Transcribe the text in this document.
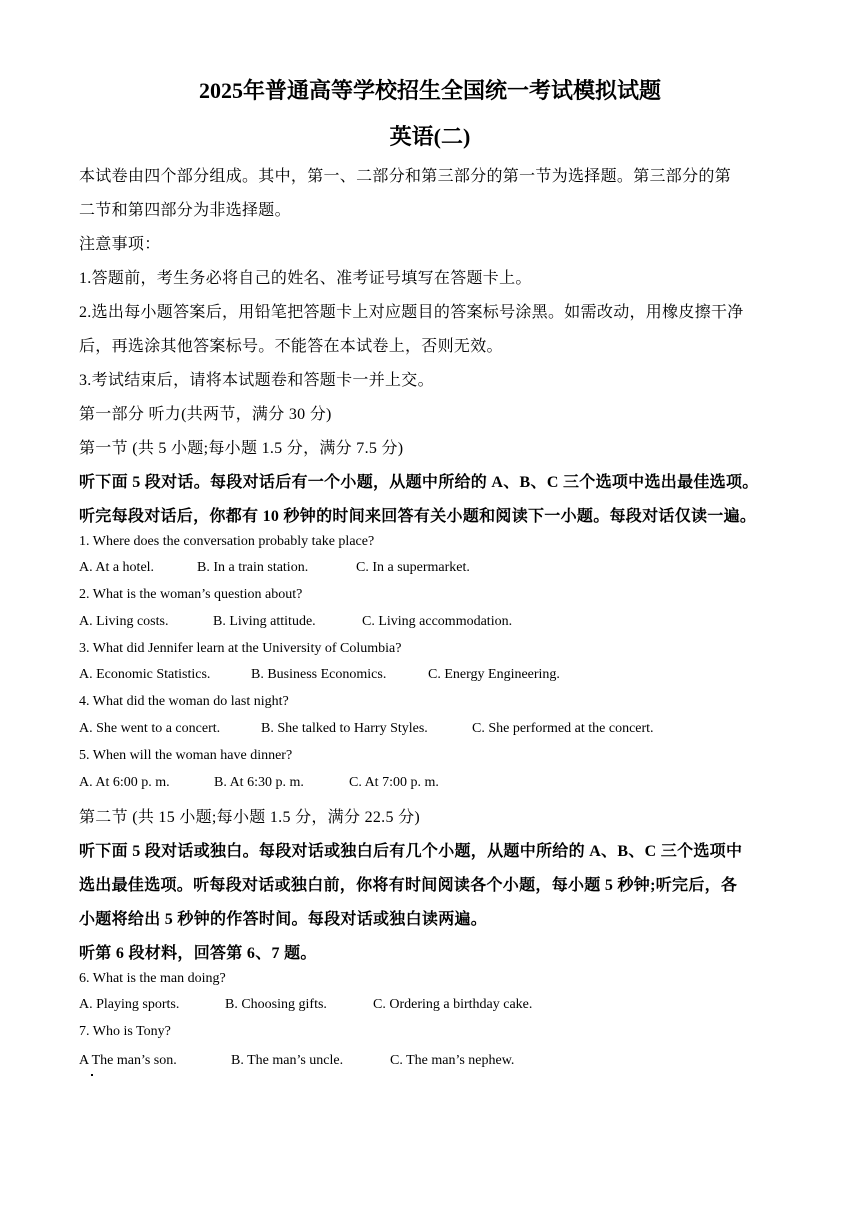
2025年普通高等学校招生全国统一考试模拟试题
英语(二)
本试卷由四个部分组成。其中，第一、二部分和第三部分的第一节为选择题。第三部分的第
二节和第四部分为非选择题。
注意事项：
1.答题前，考生务必将自己的姓名、准考证号填写在答题卡上。
2.选出每小题答案后，用铅笔把答题卡上对应题目的答案标号涂黑。如需改动，用橡皮擦干净
后，再选涂其他答案标号。不能答在本试卷上，否则无效。
3.考试结束后，请将本试题卷和答题卡一并上交。
第一部分 听力(共两节，满分 30 分)
第一节 (共 5 小题;每小题 1.5 分，满分 7.5 分)
听下面 5 段对话。每段对话后有一个小题，从题中所给的 A、B、C 三个选项中选出最佳选项。
听完每段对话后，你都有 10 秒钟的时间来回答有关小题和阅读下一小题。每段对话仅读一遍。
1. Where does the conversation probably take place?
A. At a hotel.	B. In a train station.	C. In a supermarket.
2. What is the woman’s question about?
A. Living costs.	B. Living attitude.	C. Living accommodation.
3. What did Jennifer learn at the University of Columbia?
A. Economic Statistics.	B. Business Economics.	C. Energy Engineering.
4. What did the woman do last night?
A. She went to a concert.	B. She talked to Harry Styles.	C. She performed at the concert.
5. When will the woman have dinner?
A. At 6:00 p. m.	B. At 6:30 p. m.	C. At 7:00 p. m.
第二节 (共 15 小题;每小题 1.5 分，满分 22.5 分)
听下面 5 段对话或独白。每段对话或独白后有几个小题，从题中所给的 A、B、C 三个选项中
选出最佳选项。听每段对话或独白前，你将有时间阅读各个小题，每小题 5 秒钟;听完后，各
小题将给出 5 秒钟的作答时间。每段对话或独白读两遍。
听第 6 段材料，回答第 6、7 题。
6. What is the man doing?
A. Playing sports.	B. Choosing gifts.	C. Ordering a birthday cake.
7. Who is Tony?
A The man’s son.	B. The man’s uncle.	C. The man’s nephew.
